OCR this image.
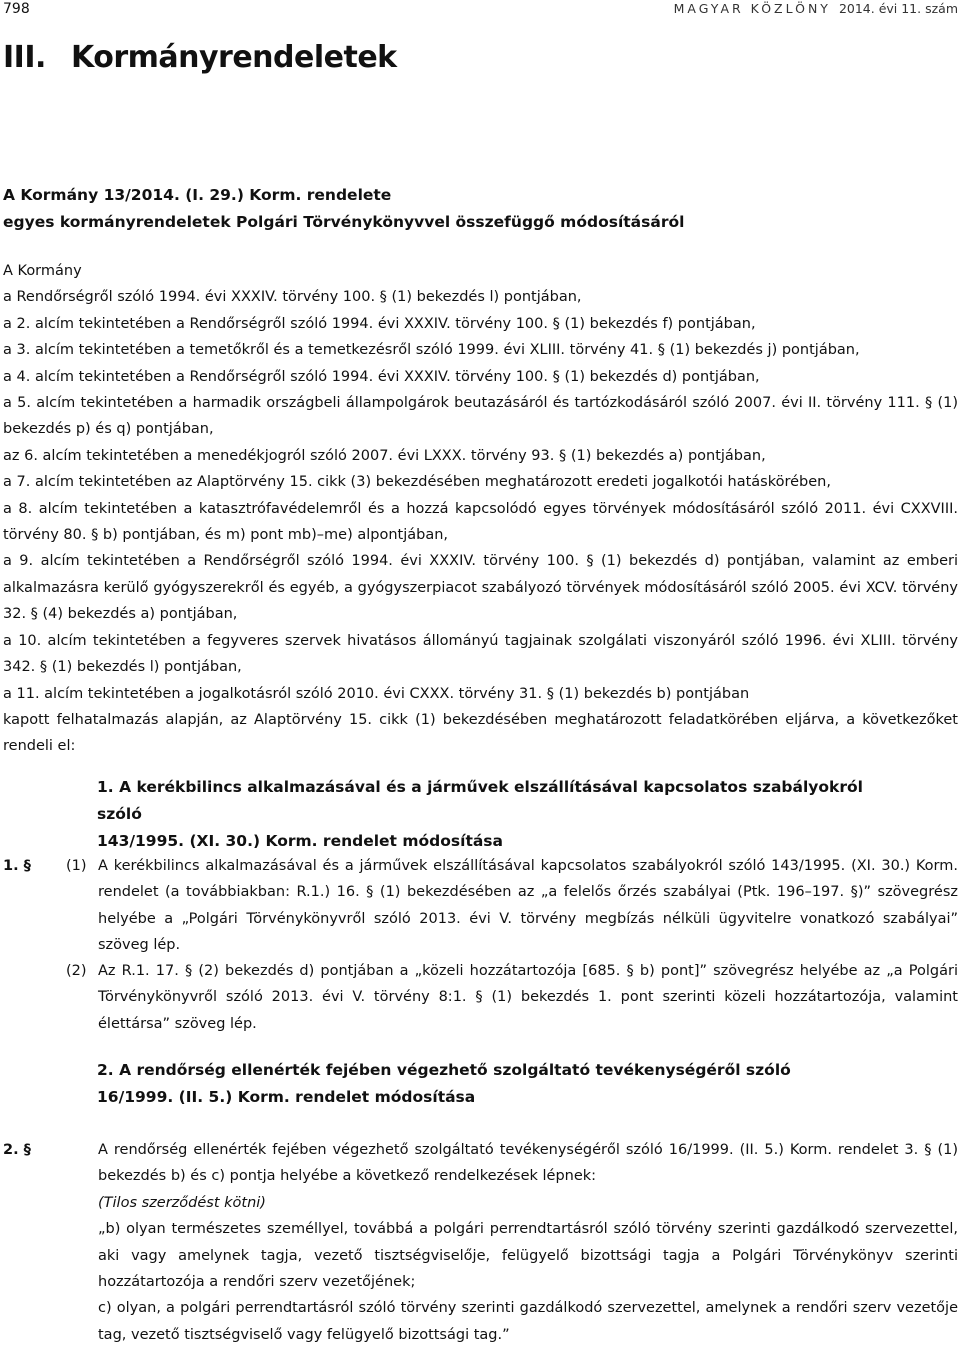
798	MAGYAR KÖZLÖNY 2014. évi 11. szám
III. Kormányrendeletek
A Kormány 13/2014. (I. 29.) Korm. rendelete
egyes kormányrendeletek Polgári Törvénykönyvvel összefüggő módosításáról

A Kormány

a Rendőrségről szóló 1994. évi XXXIV. törvény 100. § (1) bekezdés l) pontjában,

a 2. alcím tekintetében a Rendőrségről szóló 1994. évi XXXIV. törvény 100. § (1) bekezdés f) pontjában,

a 3. alcím tekintetében a temetőkről és a temetkezésről szóló 1999. évi XLIII. törvény 41. § (1) bekezdés j) pontjában,

a 4. alcím tekintetében a Rendőrségről szóló 1994. évi XXXIV. törvény 100. § (1) bekezdés d) pontjában,

a 5. alcím tekintetében a harmadik országbeli állampolgárok beutazásáról és tartózkodásáról szóló 2007. évi II. törvény 111. § (1) bekezdés p) és q) pontjában,

az 6. alcím tekintetében a menedékjogról szóló 2007. évi LXXX. törvény 93. § (1) bekezdés a) pontjában,

a 7. alcím tekintetében az Alaptörvény 15. cikk (3) bekezdésében meghatározott eredeti jogalkotói hatáskörében,

a 8. alcím tekintetében a katasztrófavédelemről és a hozzá kapcsolódó egyes törvények módosításáról szóló 2011. évi CXXVIII. törvény 80. § b) pontjában, és m) pont mb)–me) alpontjában,

a 9. alcím tekintetében a Rendőrségről szóló 1994. évi XXXIV. törvény 100. § (1) bekezdés d) pontjában, valamint az emberi alkalmazásra kerülő gyógyszerekről és egyéb, a gyógyszerpiacot szabályozó törvények módosításáról szóló 2005. évi XCV. törvény 32. § (4) bekezdés a) pontjában,

a 10. alcím tekintetében a fegyveres szervek hivatásos állományú tagjainak szolgálati viszonyáról szóló 1996. évi XLIII. törvény 342. § (1) bekezdés l) pontjában,

a 11. alcím tekintetében a jogalkotásról szóló 2010. évi CXXX. törvény 31. § (1) bekezdés b) pontjában

kapott felhatalmazás alapján, az Alaptörvény 15. cikk (1) bekezdésében meghatározott feladatkörében eljárva, a következőket rendeli el:

1. A kerékbilincs alkalmazásával és a járművek elszállításával kapcsolatos szabályokról szóló
143/1995. (XI. 30.) Korm. rendelet módosítása
1. § (1) A kerékbilincs alkalmazásával és a járművek elszállításával kapcsolatos szabályokról szóló 143/1995. (XI. 30.) Korm. rendelet (a továbbiakban: R.1.) 16. § (1) bekezdésében az „a felelős őrzés szabályai (Ptk. 196–197. §)” szövegrész helyébe a „Polgári Törvénykönyvről szóló 2013. évi V. törvény megbízás nélküli ügyvitelre vonatkozó szabályai” szöveg lép.

(2) Az R.1. 17. § (2) bekezdés d) pontjában a „közeli hozzátartozója [685. § b) pont]” szövegrész helyébe az „a Polgári Törvénykönyvről szóló 2013. évi V. törvény 8:1. § (1) bekezdés 1. pont szerinti közeli hozzátartozója, valamint élettársa” szöveg lép.

2. A rendőrség ellenérték fejében végezhető szolgáltató tevékenységéről szóló
16/1999. (II. 5.) Korm. rendelet módosítása
2. §	A rendőrség ellenérték fejében végezhető szolgáltató tevékenységéről szóló 16/1999. (II. 5.) Korm. rendelet 3. § (1) bekezdés b) és c) pontja helyébe a következő rendelkezések lépnek:

(Tilos szerződést kötni)

„b) olyan természetes személlyel, továbbá a polgári perrendtartásról szóló törvény szerinti gazdálkodó szervezettel, aki vagy amelynek tagja, vezető tisztségviselője, felügyelő bizottsági tagja a Polgári Törvénykönyv szerinti hozzátartozója a rendőri szerv vezetőjének;

c) olyan, a polgári perrendtartásról szóló törvény szerinti gazdálkodó szervezettel, amelynek a rendőri szerv vezetője tag, vezető tisztségviselő vagy felügyelő bizottsági tag.”
